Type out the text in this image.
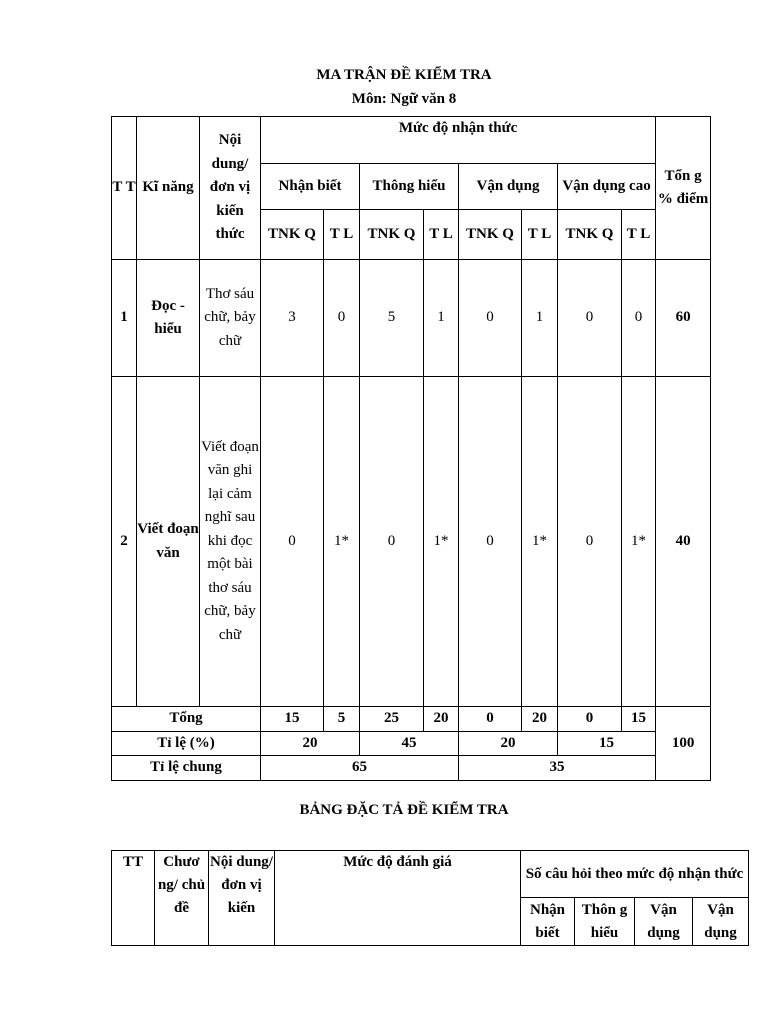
MA TRẬN ĐỀ KIỂM TRA
Môn: Ngữ văn 8
T T	Kĩ năng	Nội dung/ đơn vị kiến thức	Mức độ nhận thức								Tổn g % điểm
			Nhận biết		Thông hiểu		Vận dụng		Vận dụng cao		
			TNK Q	T L	TNK Q	T L	TNK Q	T L	TNK Q	T L	
1	Đọc - hiểu	Thơ sáu chữ, bảy chữ	3	0	5	1	0	1	0	0	60
2	Viết đoạn văn	Viết đoạn văn ghi lại cảm nghĩ sau khi đọc một bài thơ sáu chữ, bảy chữ	0	1*	0	1*	0	1*	0	1*	40
Tổng			15	5	25	20	0	20	0	15	100
Tỉ lệ (%)			20		45		20		15		
Tỉ lệ chung			65				35				
BẢNG ĐẶC TẢ ĐỀ KIỂM TRA
TT	Chươ ng/ chủ đề	Nội dung/ đơn vị kiến	Mức độ đánh giá	Số câu hỏi theo mức độ nhận thức			
				Nhận biết	Thôn g hiểu	Vận dụng	Vận dụng
